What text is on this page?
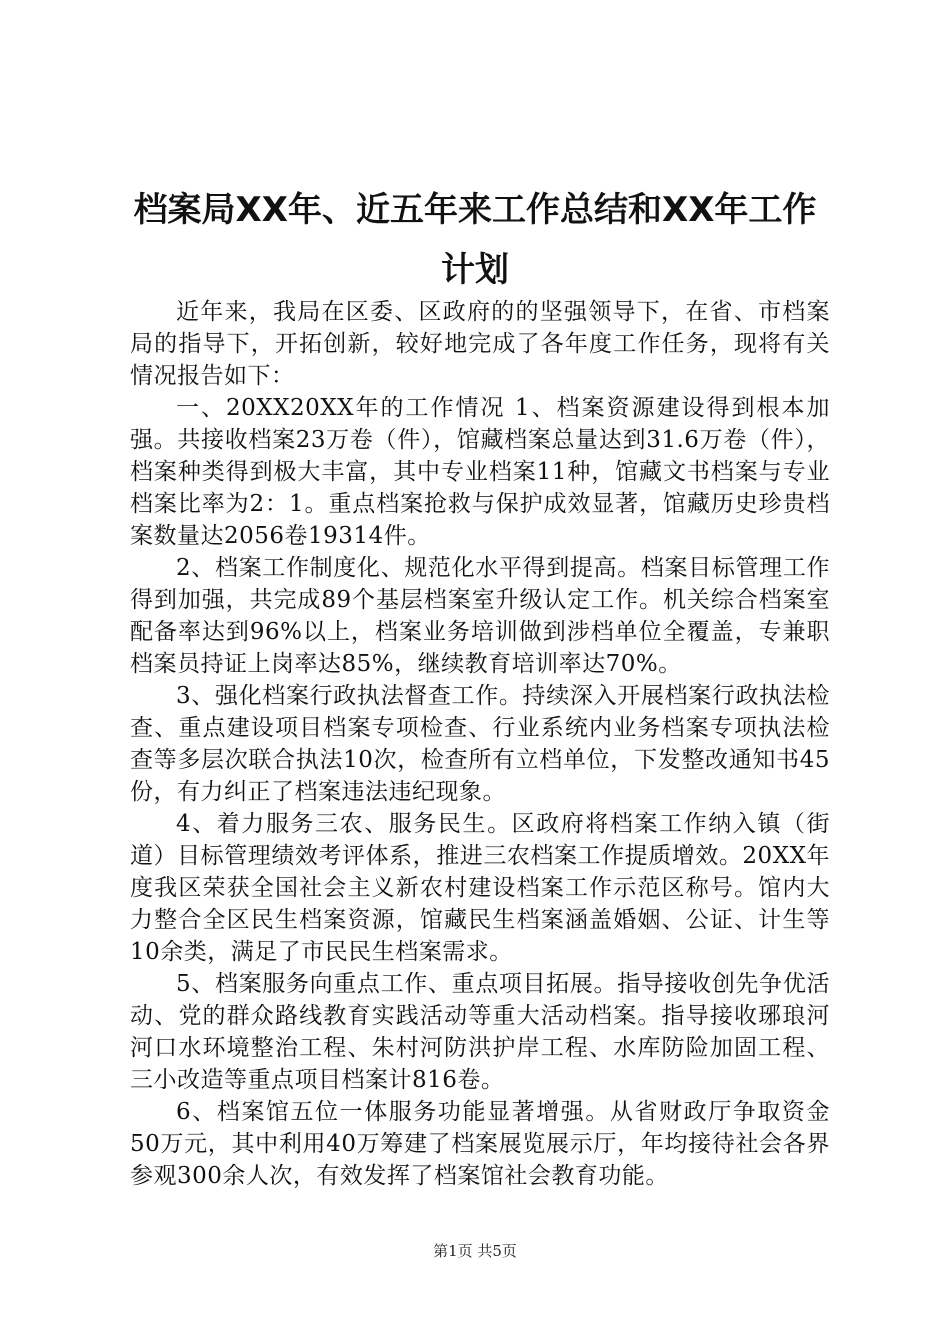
档案局XX年、近五年来工作总结和XX年工作
计划

近年来，我局在区委、区政府的的坚强领导下，在省、市档案局的指导下，开拓创新，较好地完成了各年度工作任务，现将有关情况报告如下：

一、20XX20XX年的工作情况 1、档案资源建设得到根本加强。共接收档案23万卷（件），馆藏档案总量达到31.6万卷（件），档案种类得到极大丰富，其中专业档案11种，馆藏文书档案与专业档案比率为2：1。重点档案抢救与保护成效显著，馆藏历史珍贵档案数量达2056卷19314件。

2、档案工作制度化、规范化水平得到提高。档案目标管理工作得到加强，共完成89个基层档案室升级认定工作。机关综合档案室配备率达到96%以上，档案业务培训做到涉档单位全覆盖，专兼职档案员持证上岗率达85%，继续教育培训率达70%。

3、强化档案行政执法督查工作。持续深入开展档案行政执法检查、重点建设项目档案专项检查、行业系统内业务档案专项执法检查等多层次联合执法10次，检查所有立档单位，下发整改通知书45份，有力纠正了档案违法违纪现象。

4、着力服务三农、服务民生。区政府将档案工作纳入镇（街道）目标管理绩效考评体系，推进三农档案工作提质增效。20XX年度我区荣获全国社会主义新农村建设档案工作示范区称号。馆内大力整合全区民生档案资源，馆藏民生档案涵盖婚姻、公证、计生等10余类，满足了市民民生档案需求。

5、档案服务向重点工作、重点项目拓展。指导接收创先争优活动、党的群众路线教育实践活动等重大活动档案。指导接收琊琅河河口水环境整治工程、朱村河防洪护岸工程、水库防险加固工程、三小改造等重点项目档案计816卷。

6、档案馆五位一体服务功能显著增强。从省财政厅争取资金50万元，其中利用40万筹建了档案展览展示厅，年均接待社会各界参观300余人次，有效发挥了档案馆社会教育功能。

第1页 共5页
